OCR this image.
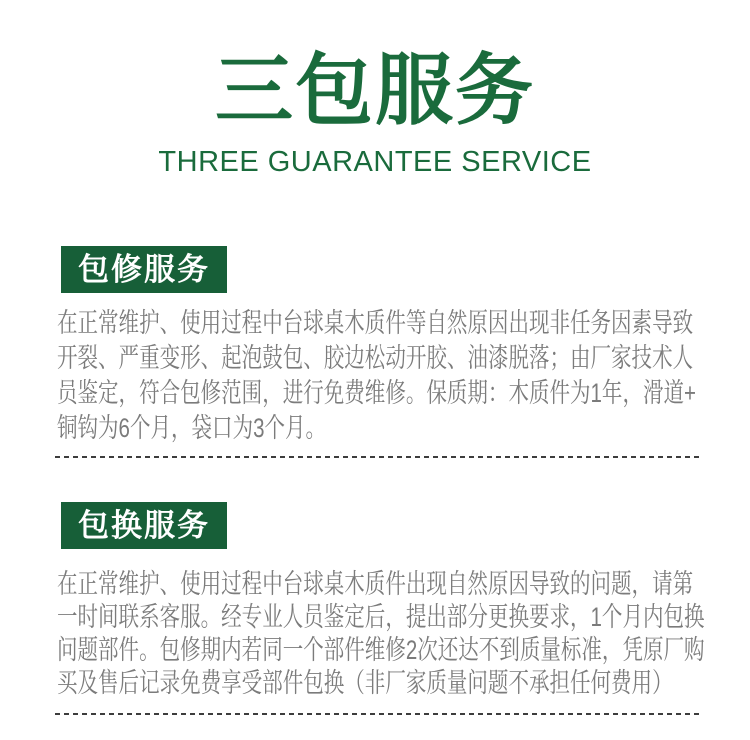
三包服务
THREE GUARANTEE SERVICE
包修服务
在正常维护、使用过程中台球桌木质件等自然原因出现非任务因素导致
开裂、严重变形、起泡鼓包、胶边松动开胶、油漆脱落；由厂家技术人
员鉴定，符合包修范围，进行免费维修。保质期：木质件为1年，滑道+
铜钩为6个月，袋口为3个月。
包换服务
在正常维护、使用过程中台球桌木质件出现自然原因导致的问题，请第
一时间联系客服。经专业人员鉴定后，提出部分更换要求，1个月内包换
问题部件。包修期内若同一个部件维修2次还达不到质量标准，凭原厂购
买及售后记录免费享受部件包换（非厂家质量问题不承担任何费用）
